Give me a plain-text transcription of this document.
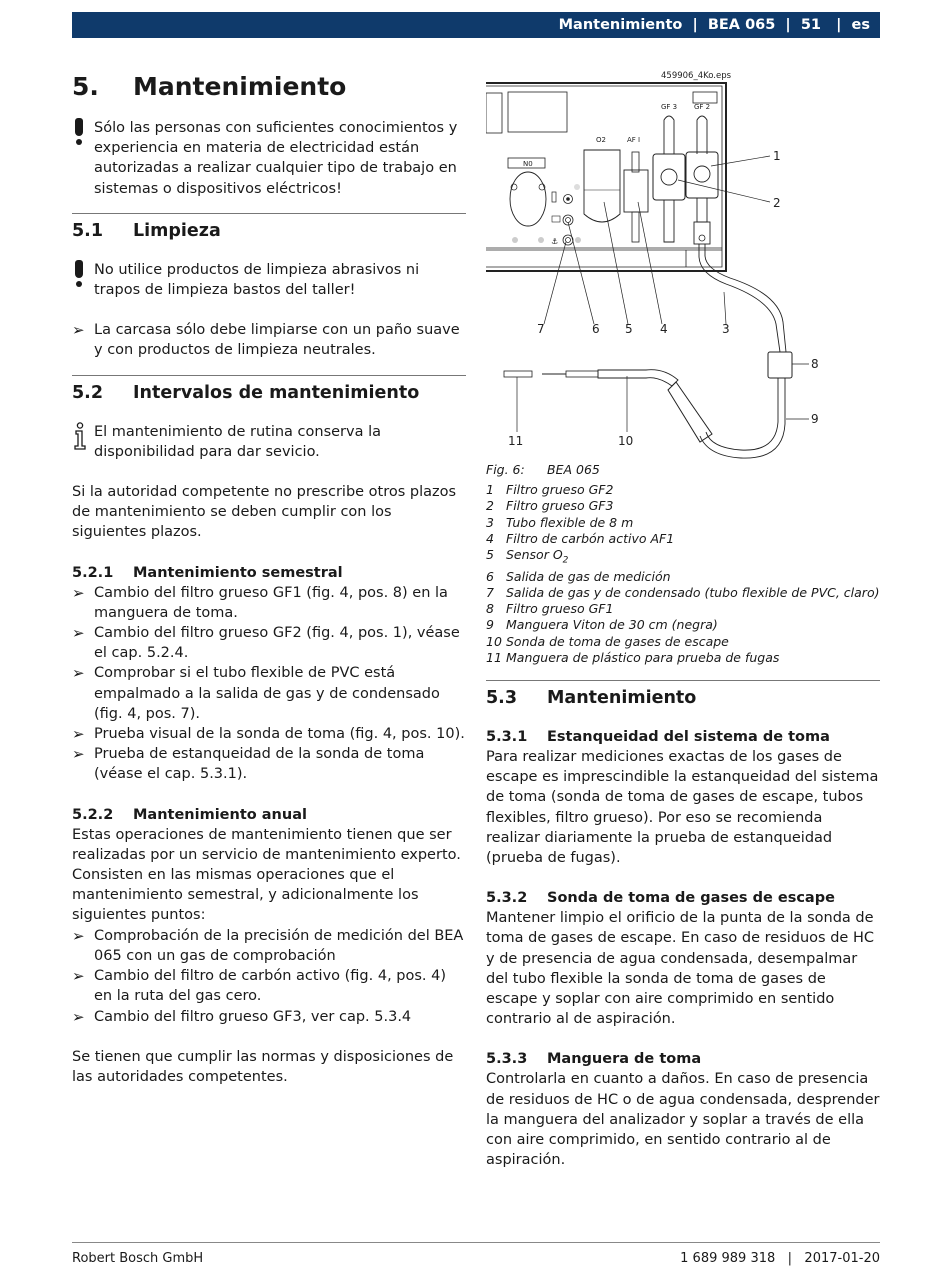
Mantenimiento  |  BEA 065  |  51   |  es
5.	Mantenimiento

Sólo las personas con suficientes conocimientos y experiencia en materia de electricidad están autorizadas a realizar cualquier tipo de trabajo en sistemas o dispositivos eléctricos!

5.1	Limpieza

No utilice productos de limpieza abrasivos ni trapos de limpieza bastos del taller!

➢ La carcasa sólo debe limpiarse con un paño suave y con productos de limpieza neutrales.
5.2	Intervalos de mantenimiento

El mantenimiento de rutina conserva la disponibilidad para dar sevicio.

Si la autoridad competente no prescribe otros plazos de mantenimiento se deben cumplir con los siguientes plazos.

5.2.1	Mantenimiento semestral
➢ Cambio del filtro grueso GF1 (fig. 4, pos. 8) en la manguera de toma.
➢ Cambio del filtro grueso GF2 (fig. 4, pos. 1), véase el cap. 5.2.4.
➢ Comprobar si el tubo flexible de PVC está empalmado a la salida de gas y de condensado (fig. 4, pos. 7).
➢ Prueba visual de la sonda de toma (fig. 4, pos. 10).
➢ Prueba de estanqueidad de la sonda de toma (véase el cap. 5.3.1).
5.2.2	Mantenimiento anual

Estas operaciones de mantenimiento tienen que ser realizadas por un servicio de mantenimiento experto. Consisten en las mismas operaciones que el mantenimiento semestral, y adicionalmente los siguientes puntos:

➢ Comprobación de la precisión de medición del BEA 065 con un gas de comprobación
➢ Cambio del filtro de carbón activo (fig. 4, pos. 4) en la ruta del gas cero.
➢ Cambio del filtro grueso GF3, ver cap. 5.3.4

Se tienen que cumplir las normas y disposiciones de las autoridades competentes.

459906_4Ko.eps
N0
⚓
O2	AF I
GF 3 GF 2
1
2
3
4
5
6
7
8
9
10
11
Fig. 6:	BEA 065
1 Filtro grueso GF2
2 Filtro grueso GF3
3 Tubo flexible de 8 m
4 Filtro de carbón activo AF1
5 Sensor $O_2$
6 Salida de gas de medición
7 Salida de gas y de condensado (tubo flexible de PVC, claro)
8 Filtro grueso GF1
9 Manguera Viton de 30 cm (negra)
10 Sonda de toma de gases de escape
11 Manguera de plástico para prueba de fugas
5.3	Mantenimiento
5.3.1	Estanqueidad del sistema de toma

Para realizar mediciones exactas de los gases de escape es imprescindible la estanqueidad del sistema de toma (sonda de toma de gases de escape, tubos flexibles, filtro grueso). Por eso se recomienda realizar diariamente la prueba de estanqueidad (prueba de fugas).

5.3.2	Sonda de toma de gases de escape

Mantener limpio el orificio de la punta de la sonda de toma de gases de escape. En caso de residuos de HC y de presencia de agua condensada, desempalmar del tubo flexible la sonda de toma de gases de escape y soplar con aire comprimido en sentido contrario al de aspiración.

5.3.3	Manguera de toma

Controlarla en cuanto a daños. En caso de presencia de residuos de HC o de agua condensada, desprender la manguera del analizador y soplar a través de ella con aire comprimido, en sentido contrario al de aspiración.

Robert Bosch GmbH	1 689 989 318   |   2017-01-20
